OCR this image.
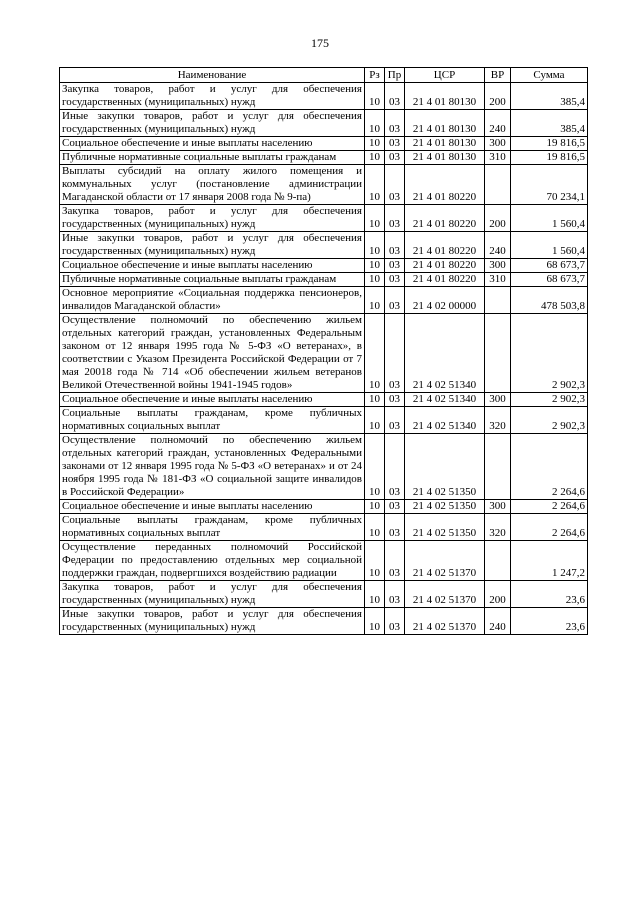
175
Наименование	Рз	Пр	ЦСР	ВР	Сумма
Закупка товаров, работ и услуг для обеспечения государственных (муниципальных) нужд	10	03	21 4 01 80130	200	385,4
Иные закупки товаров, работ и услуг для обеспечения государственных (муниципальных) нужд	10	03	21 4 01 80130	240	385,4
Социальное обеспечение и иные выплаты населению	10	03	21 4 01 80130	300	19 816,5
Публичные нормативные социальные выплаты гражданам	10	03	21 4 01 80130	310	19 816,5
Выплаты субсидий на оплату жилого помещения и коммунальных услуг (постановление администрации Магаданской области от 17 января 2008 года № 9-па)	10	03	21 4 01 80220		70 234,1
Закупка товаров, работ и услуг для обеспечения государственных (муниципальных) нужд	10	03	21 4 01 80220	200	1 560,4
Иные закупки товаров, работ и услуг для обеспечения государственных (муниципальных) нужд	10	03	21 4 01 80220	240	1 560,4
Социальное обеспечение и иные выплаты населению	10	03	21 4 01 80220	300	68 673,7
Публичные нормативные социальные выплаты гражданам	10	03	21 4 01 80220	310	68 673,7
Основное мероприятие «Социальная поддержка пенсионеров, инвалидов Магаданской области»	10	03	21 4 02 00000		478 503,8
Осуществление полномочий по обеспечению жильем отдельных категорий граждан, установленных Федеральным законом от 12 января 1995 года № 5-ФЗ «О ветеранах», в соответствии с Указом Президента Российской Федерации от 7 мая 20018 года № 714 «Об обеспечении жильем ветеранов Великой Отечественной войны 1941-1945 годов»	10	03	21 4 02 51340		2 902,3
Социальное обеспечение и иные выплаты населению	10	03	21 4 02 51340	300	2 902,3
Социальные выплаты гражданам, кроме публичных нормативных социальных выплат	10	03	21 4 02 51340	320	2 902,3
Осуществление полномочий по обеспечению жильем отдельных категорий граждан, установленных Федеральными законами от 12 января 1995 года № 5-ФЗ «О ветеранах» и от 24 ноября 1995 года № 181-ФЗ «О социальной защите инвалидов в Российской Федерации»	10	03	21 4 02 51350		2 264,6
Социальное обеспечение и иные выплаты населению	10	03	21 4 02 51350	300	2 264,6
Социальные выплаты гражданам, кроме публичных нормативных социальных выплат	10	03	21 4 02 51350	320	2 264,6
Осуществление переданных полномочий Российской Федерации по предоставлению отдельных мер социальной поддержки граждан, подвергшихся воздействию радиации	10	03	21 4 02 51370		1 247,2
Закупка товаров, работ и услуг для обеспечения государственных (муниципальных) нужд	10	03	21 4 02 51370	200	23,6
Иные закупки товаров, работ и услуг для обеспечения государственных (муниципальных) нужд	10	03	21 4 02 51370	240	23,6
